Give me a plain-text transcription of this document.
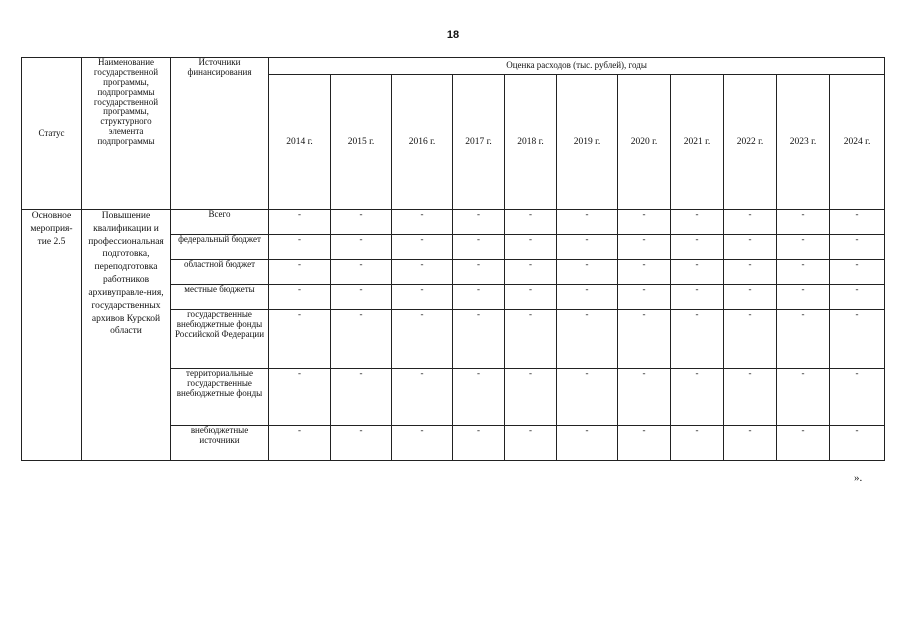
18
Статус	Наименование государственной программы, подпрограммы государственной программы, структурного элемента подпрограммы	Источники финансирования	Оценка расходов (тыс. рублей), годы										
			2014 г.	2015 г.	2016 г.	2017 г.	2018 г.	2019 г.	2020 г.	2021 г.	2022 г.	2023 г.	2024 г.
Основное мероприя-тие 2.5	Повышение квалификации и профессиональная подготовка, переподготовка работников архивуправле-ния, государственных архивов Курской области	Всего	-	-	-	-	-	-	-	-	-	-	-
		федеральный бюджет	-	-	-	-	-	-	-	-	-	-	-
		областной бюджет	-	-	-	-	-	-	-	-	-	-	-
		местные бюджеты	-	-	-	-	-	-	-	-	-	-	-
		государственные внебюджетные фонды Российской Федерации	-	-	-	-	-	-	-	-	-	-	-
		территориальные государственные внебюджетные фонды	-	-	-	-	-	-	-	-	-	-	-
		внебюджетные источники	-	-	-	-	-	-	-	-	-	-	-
».
